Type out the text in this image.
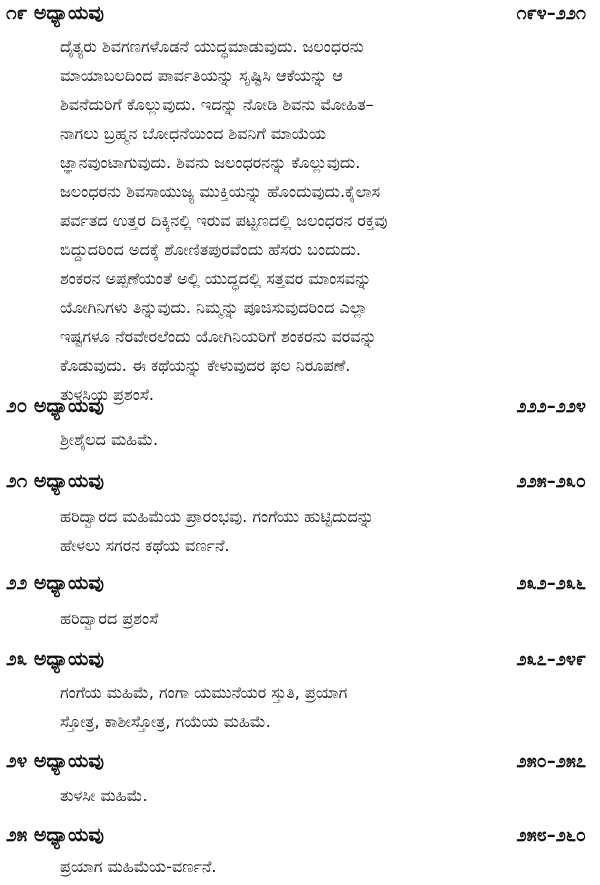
೧೯ ಅಧ್ಯಾಯವು	೧೯೪–೨೨೧
ದೈತ್ಯರು ಶಿವಗಣಗಳೊಡನೆ ಯುದ್ಧಮಾಡುವುದು. ಜಲಂಧರನು
ಮಾಯಾಬಲದಿಂದ ಪಾರ್ವತಿಯನ್ನು ಸೃಷ್ಟಿಸಿ ಆಕೆಯನ್ನು ಆ
ಶಿವನೆದುರಿಗೆ ಕೊಲ್ಲುವುದು. ಇದನ್ನು ನೋಡಿ ಶಿವನು ಮೋಹಿತ–
ನಾಗಲು ಬ್ರಹ್ಮನ ಬೋಧನೆಯಿಂದ ಶಿವನಿಗೆ ಮಾಯೆಯ
ಜ್ಞಾನವುಂಟಾಗುವುದು. ಶಿವನು ಜಲಂಧರನನ್ನು ಕೊಲ್ಲುವುದು.
ಜಲಂಧರನು ಶಿವಸಾಯುಜ್ಯ ಮುಕ್ತಿಯನ್ನು ಹೊಂದುವುದು.ಕೈಲಾಸ
ಪರ್ವತದ ಉತ್ತರ ದಿಕ್ಕಿನಲ್ಲಿ ಇರುವ ಪಟ್ಟಣದಲ್ಲಿ ಜಲಂಧರನ ರಕ್ತವು
ಬಿದ್ದುದರಿಂದ ಅದಕ್ಕೆ ಶೋಣಿತಪುರವೆಂದು ಹೆಸರು ಬಂದುದು.
ಶಂಕರನ ಅಪ್ಪಣೆಯಂತೆ ಅಲ್ಲಿ ಯುದ್ಧದಲ್ಲಿ ಸತ್ತವರ ಮಾಂಸವನ್ನು
ಯೋಗಿನಿಗಳು ತಿನ್ನುವುದು. ನಿಮ್ಮನ್ನು ಪೂಜಿಸುವುದರಿಂದ ಎಲ್ಲಾ
ಇಷ್ಟಗಳೂ ನೆರವೇರಲೆಂದು ಯೋಗಿನಿಯರಿಗೆ ಶಂಕರನು ವರವನ್ನು
ಕೊಡುವುದು. ಈ ಕಥೆಯನ್ನು ಕೇಳುವುದರ ಫಲ ನಿರೂಪಣೆ.
ತುಳಸಿಯ ಪ್ರಶಂಸೆ.
೨೦ ಅಧ್ಯಾಯವು	೨೨೨–೨೨೪
ಶ್ರೀಶೈಲದ ಮಹಿಮೆ.
೨೧ ಅಧ್ಯಾಯವು	೨೨೫–೨೩೦
ಹರಿದ್ವಾರದ ಮಹಿಮೆಯ ಪ್ರಾರಂಭವು. ಗಂಗೆಯು ಹುಟ್ಟಿದುದನ್ನು
ಹೇಳಲು ಸಗರನ ಕಥೆಯ ವರ್ಣನೆ.
೨೨ ಅಧ್ಯಾಯವು	೨೩೨–೨೩೬
ಹರಿದ್ವಾರದ ಪ್ರಶಂಸೆ
೨೩ ಅಧ್ಯಾಯವು	೨೩೭–೨೪೯
ಗಂಗೆಯ ಮಹಿಮೆ, ಗಂಗಾ ಯಮುನೆಯರ ಸ್ತುತಿ, ಪ್ರಯಾಗ
ಸ್ತೋತ್ರ, ಕಾಶೀಸ್ತೋತ್ರ, ಗಯೆಯ ಮಹಿಮೆ.
೨೪ ಅಧ್ಯಾಯವು	೨೫೦–೨೫೭
ತುಳಸೀ ಮಹಿಮೆ.
೨೫ ಅಧ್ಯಾಯವು	೨೫೮–೨೬೦
ಪ್ರಯಾಗ ಮಹಿಮೆಯ-ವರ್ಣನೆ.
